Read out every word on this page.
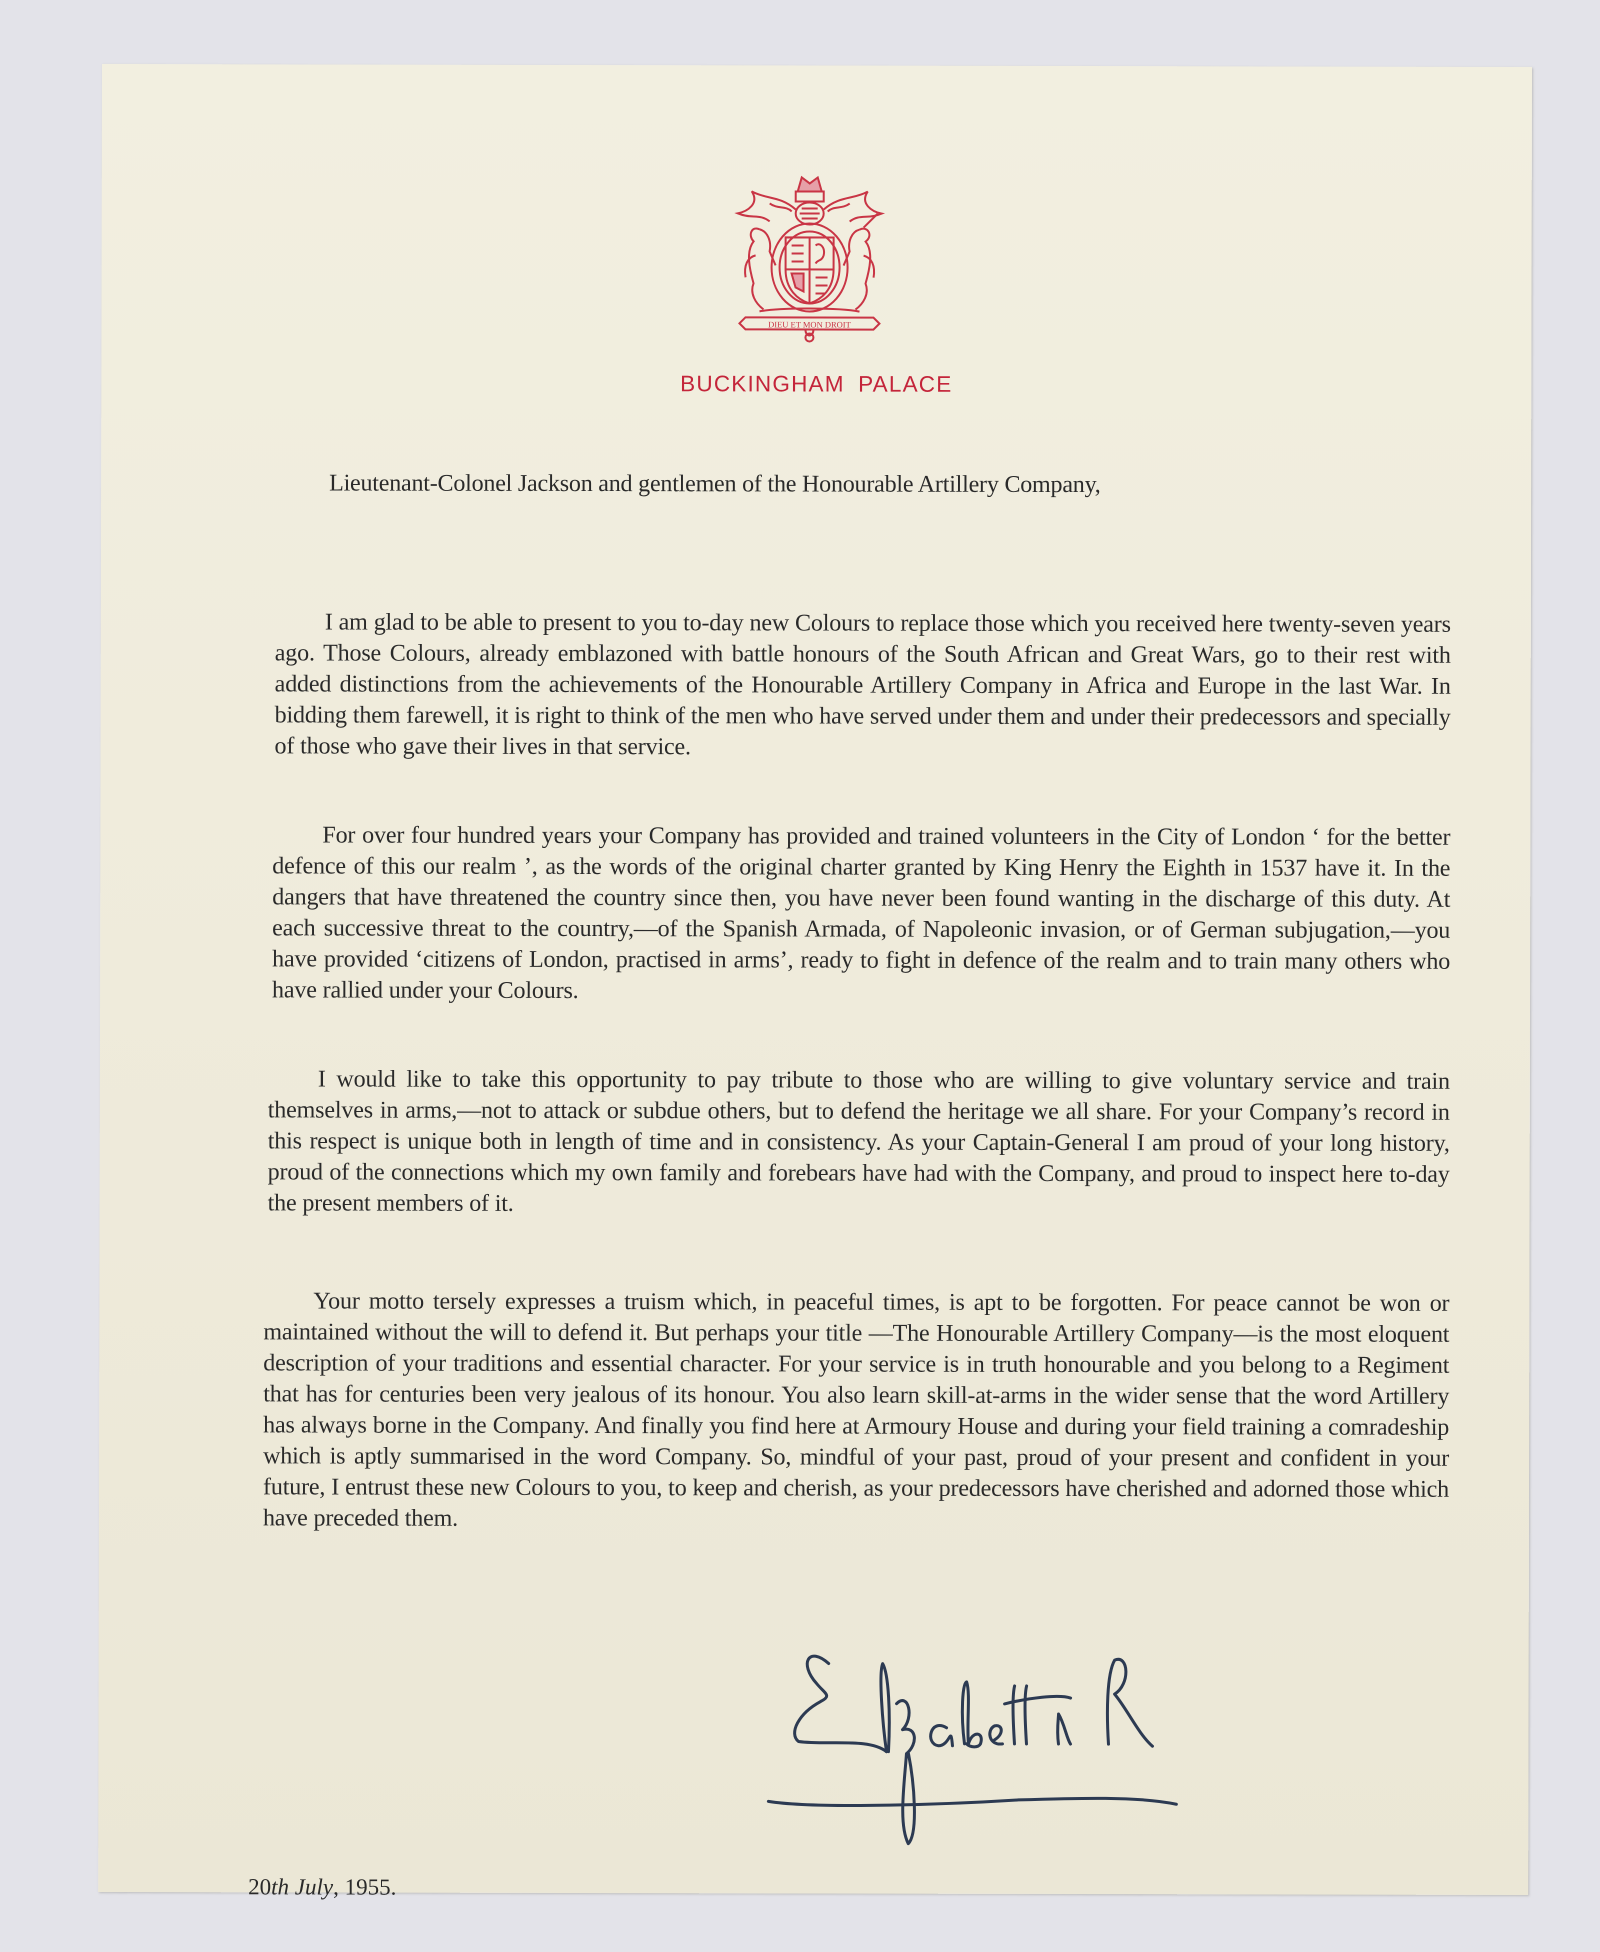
DIEU ET MON DROIT
BUCKINGHAM PALACE
Lieutenant-Colonel Jackson and gentlemen of the Honourable Artillery Company,

I am glad to be able to present to you to-day new Colours to replace those which you received here twenty-seven years ago. Those Colours, already emblazoned with battle honours of the South African and Great Wars, go to their rest with added distinctions from the achievements of the Honourable Artillery Company in Africa and Europe in the last War. In bidding them farewell, it is right to think of the men who have served under them and under their predecessors and specially of those who gave their lives in that service.

For over four hundred years your Company has provided and trained volunteers in the City of London ‘ for the better defence of this our realm ’, as the words of the original charter granted by King Henry the Eighth in 1537 have it. In the dangers that have threatened the country since then, you have never been found wanting in the discharge of this duty. At each successive threat to the country,—of the Spanish Armada, of Napoleonic invasion, or of German subjugation,—you have provided ‘citizens of London, practised in arms’, ready to fight in defence of the realm and to train many others who have rallied under your Colours.

I would like to take this opportunity to pay tribute to those who are willing to give voluntary service and train themselves in arms,—not to attack or subdue others, but to defend the heritage we all share. For your Company’s record in this respect is unique both in length of time and in consistency. As your Captain-General I am proud of your long history, proud of the connections which my own family and forebears have had with the Company, and proud to inspect here to-day the present members of it.

Your motto tersely expresses a truism which, in peaceful times, is apt to be forgotten. For peace cannot be won or maintained without the will to defend it. But perhaps your title —The Honourable Artillery Company—is the most eloquent description of your traditions and essential character. For your service is in truth honourable and you belong to a Regiment that has for centuries been very jealous of its honour. You also learn skill-at-arms in the wider sense that the word Artillery has always borne in the Company. And finally you find here at Armoury House and during your field training a comradeship which is aptly summarised in the word Company. So, mindful of your past, proud of your present and confident in your future, I entrust these new Colours to you, to keep and cherish, as your predecessors have cherished and adorned those which have preceded them.

20th July, 1955.
